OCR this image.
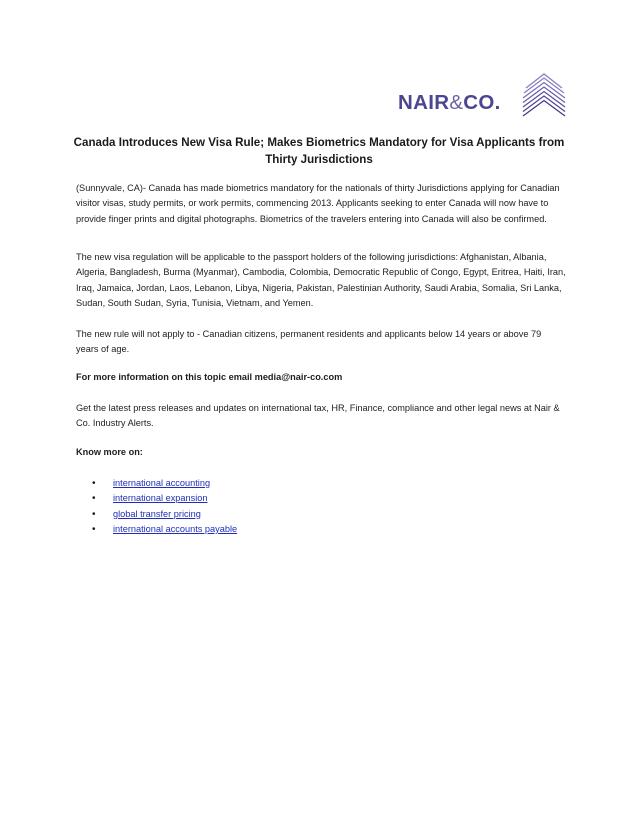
NAIR&CO.
Canada Introduces New Visa Rule; Makes Biometrics Mandatory for Visa Applicants from Thirty Jurisdictions

(Sunnyvale, CA)- Canada has made biometrics mandatory for the nationals of thirty Jurisdictions applying for Canadian visitor visas, study permits, or work permits, commencing 2013. Applicants seeking to enter Canada will now have to provide finger prints and digital photographs. Biometrics of the travelers entering into Canada will also be confirmed.

The new visa regulation will be applicable to the passport holders of the following jurisdictions: Afghanistan, Albania, Algeria, Bangladesh, Burma (Myanmar), Cambodia, Colombia, Democratic Republic of Congo, Egypt, Eritrea, Haiti, Iran, Iraq, Jamaica, Jordan, Laos, Lebanon, Libya, Nigeria, Pakistan, Palestinian Authority, Saudi Arabia, Somalia, Sri Lanka, Sudan, South Sudan, Syria, Tunisia, Vietnam, and Yemen.

The new rule will not apply to - Canadian citizens, permanent residents and applicants below 14 years or above 79 years of age.

For more information on this topic email media@nair-co.com

Get the latest press releases and updates on international tax, HR, Finance, compliance and other legal news at Nair & Co. Industry Alerts.

Know more on:

• international accounting
• international expansion
• global transfer pricing
• international accounts payable
